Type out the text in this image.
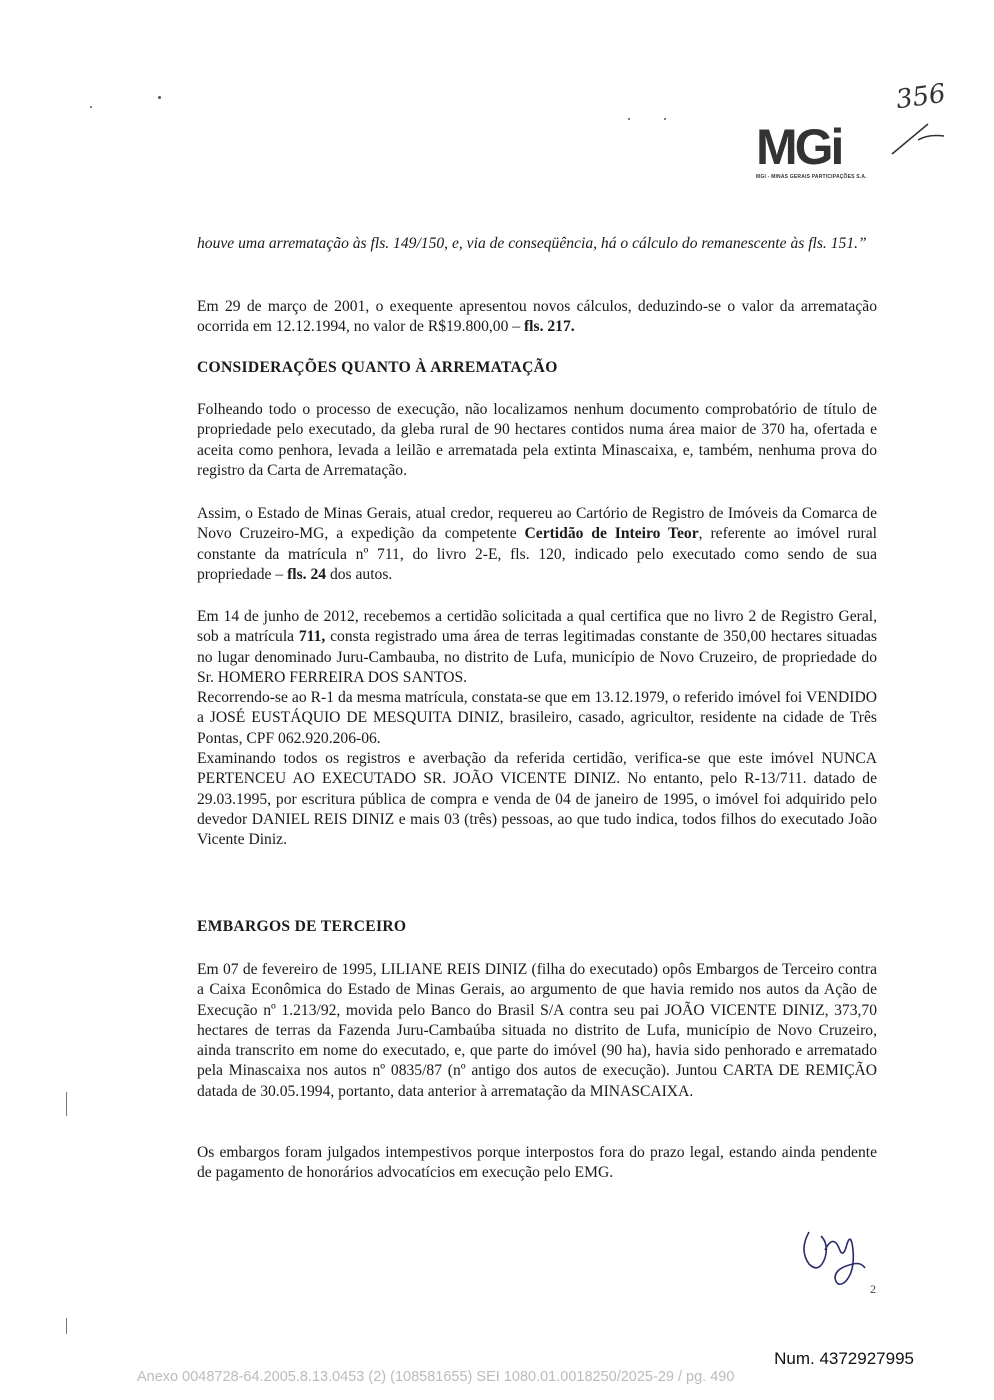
356
MGi
MGI - MINAS GERAIS PARTICIPAÇÕES S.A.

houve uma arrematação às fls. 149/150, e, via de conseqüência, há o cálculo do remanescente às fls. 151.”

Em 29 de março de 2001, o exequente apresentou novos cálculos, deduzindo-se o valor da arrematação ocorrida em 12.12.1994, no valor de R$19.800,00 – fls. 217.

CONSIDERAÇÕES QUANTO À ARREMATAÇÃO

Folheando todo o processo de execução, não localizamos nenhum documento comprobatório de título de propriedade pelo executado, da gleba rural de 90 hectares contidos numa área maior de 370 ha, ofertada e aceita como penhora, levada a leilão e arrematada pela extinta Minascaixa, e, também, nenhuma prova do registro da Carta de Arrematação.

Assim, o Estado de Minas Gerais, atual credor, requereu ao Cartório de Registro de Imóveis da Comarca de Novo Cruzeiro-MG, a expedição da competente Certidão de Inteiro Teor, referente ao imóvel rural constante da matrícula nº 711, do livro 2-E, fls. 120, indicado pelo executado como sendo de sua propriedade – fls. 24 dos autos.

Em 14 de junho de 2012, recebemos a certidão solicitada a qual certifica que no livro 2 de Registro Geral, sob a matrícula 711, consta registrado uma área de terras legitimadas constante de 350,00 hectares situadas no lugar denominado Juru-Cambauba, no distrito de Lufa, município de Novo Cruzeiro, de propriedade do Sr. HOMERO FERREIRA DOS SANTOS.

Recorrendo-se ao R-1 da mesma matrícula, constata-se que em 13.12.1979, o referido imóvel foi VENDIDO a JOSÉ EUSTÁQUIO DE MESQUITA DINIZ, brasileiro, casado, agricultor, residente na cidade de Três Pontas, CPF 062.920.206-06.

Examinando todos os registros e averbação da referida certidão, verifica-se que este imóvel NUNCA PERTENCEU AO EXECUTADO SR. JOÃO VICENTE DINIZ. No entanto, pelo R-13/711. datado de 29.03.1995, por escritura pública de compra e venda de 04 de janeiro de 1995, o imóvel foi adquirido pelo devedor DANIEL REIS DINIZ e mais 03 (três) pessoas, ao que tudo indica, todos filhos do executado João Vicente Diniz.

EMBARGOS DE TERCEIRO

Em 07 de fevereiro de 1995, LILIANE REIS DINIZ (filha do executado) opôs Embargos de Terceiro contra a Caixa Econômica do Estado de Minas Gerais, ao argumento de que havia remido nos autos da Ação de Execução nº 1.213/92, movida pelo Banco do Brasil S/A contra seu pai JOÃO VICENTE DINIZ, 373,70 hectares de terras da Fazenda Juru-Cambaúba situada no distrito de Lufa, município de Novo Cruzeiro, ainda transcrito em nome do executado, e, que parte do imóvel (90 ha), havia sido penhorado e arrematado pela Minascaixa nos autos nº 0835/87 (nº antigo dos autos de execução). Juntou CARTA DE REMIÇÃO datada de 30.05.1994, portanto, data anterior à arrematação da MINASCAIXA.

Os embargos foram julgados intempestivos porque interpostos fora do prazo legal, estando ainda pendente de pagamento de honorários advocatícios em execução pelo EMG.

2
Num. 4372927995
Anexo 0048728-64.2005.8.13.0453 (2) (108581655) SEI 1080.01.0018250/2025-29 / pg. 490
